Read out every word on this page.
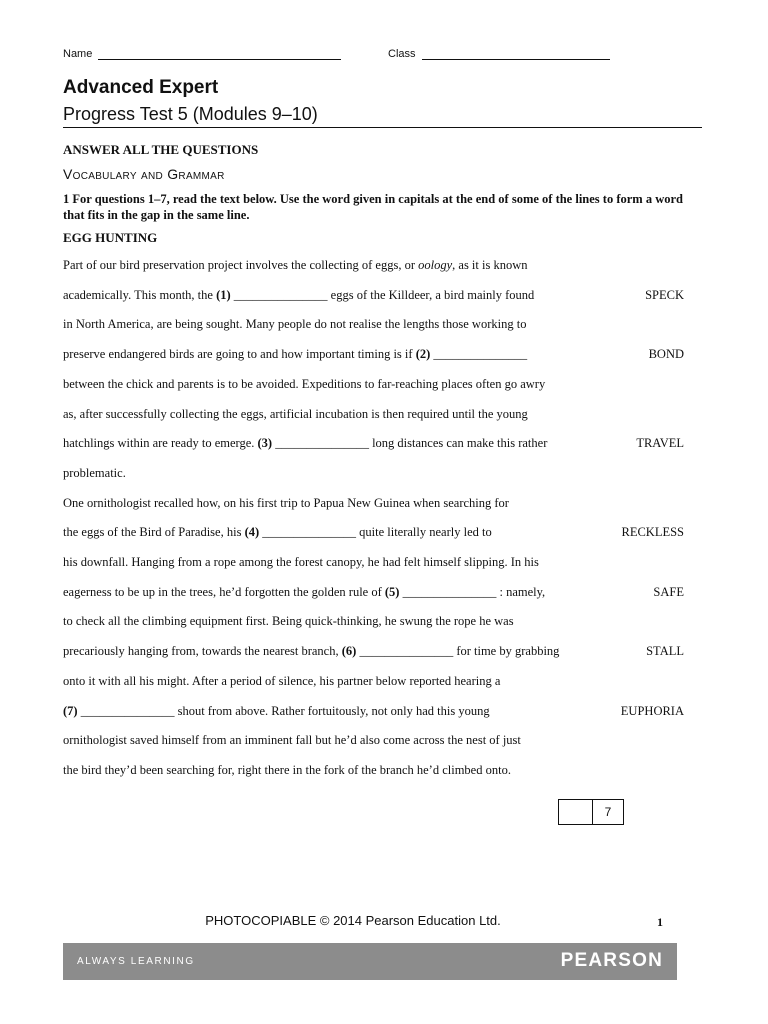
Name	Class
Advanced Expert
Progress Test 5 (Modules 9–10)
ANSWER ALL THE QUESTIONS
Vocabulary and Grammar
1 For questions 1–7, read the text below. Use the word given in capitals at the end of some of the lines to form a word that fits in the gap in the same line.
EGG HUNTING
Part of our bird preservation project involves the collecting of eggs, or oology, as it is known
academically. This month, the (1) _______________ eggs of the Killdeer, a bird mainly found	SPECK
in North America, are being sought. Many people do not realise the lengths those working to
preserve endangered birds are going to and how important timing is if (2) _______________	BOND
between the chick and parents is to be avoided. Expeditions to far-reaching places often go awry
as, after successfully collecting the eggs, artificial incubation is then required until the young
hatchlings within are ready to emerge. (3) _______________ long distances can make this rather	TRAVEL
problematic.
One ornithologist recalled how, on his first trip to Papua New Guinea when searching for
the eggs of the Bird of Paradise, his (4) _______________ quite literally nearly led to	RECKLESS
his downfall. Hanging from a rope among the forest canopy, he had felt himself slipping. In his
eagerness to be up in the trees, he’d forgotten the golden rule of (5) _______________ : namely,	SAFE
to check all the climbing equipment first. Being quick-thinking, he swung the rope he was
precariously hanging from, towards the nearest branch, (6) _______________ for time by grabbing	STALL
onto it with all his might. After a period of silence, his partner below reported hearing a
(7) _______________ shout from above. Rather fortuitously, not only had this young	EUPHORIA
ornithologist saved himself from an imminent fall but he’d also come across the nest of just
the bird they’d been searching for, right there in the fork of the branch he’d climbed onto.
7
PHOTOCOPIABLE © 2014 Pearson Education Ltd.	1
ALWAYS LEARNING	PEARSON
